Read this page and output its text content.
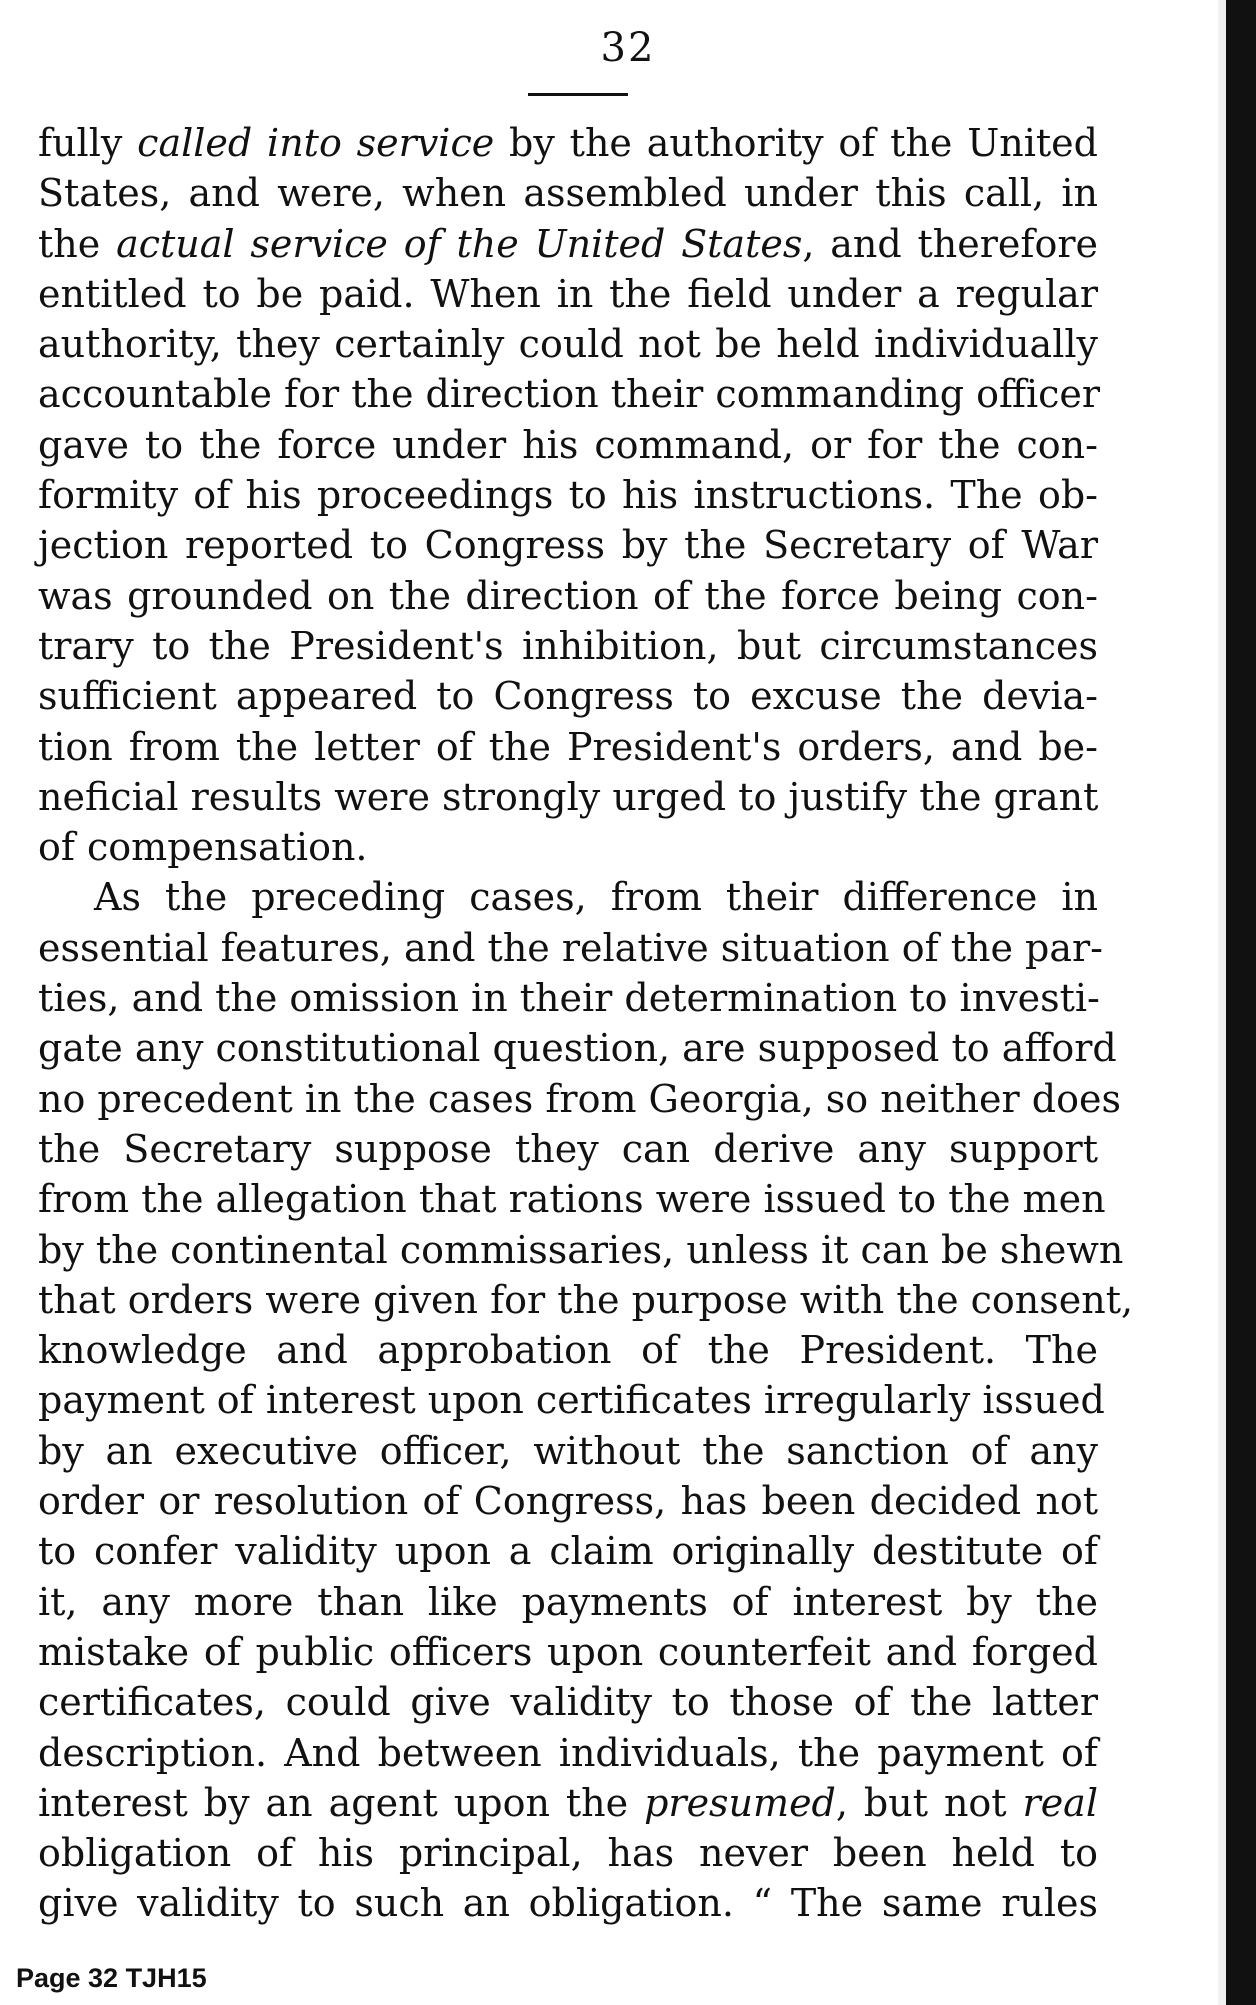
32
fully called into service by the authority of the United
States, and were, when assembled under this call, in
the actual service of the United States, and therefore
entitled to be paid. When in the field under a regular
authority, they certainly could not be held individually
accountable for the direction their commanding officer
gave to the force under his command, or for the con-
formity of his proceedings to his instructions. The ob-
jection reported to Congress by the Secretary of War
was grounded on the direction of the force being con-
trary to the President's inhibition, but circumstances
sufficient appeared to Congress to excuse the devia-
tion from the letter of the President's orders, and be-
neficial results were strongly urged to justify the grant
of compensation.
As the preceding cases, from their difference in
essential features, and the relative situation of the par-
ties, and the omission in their determination to investi-
gate any constitutional question, are supposed to afford
no precedent in the cases from Georgia, so neither does
the Secretary suppose they can derive any support
from the allegation that rations were issued to the men
by the continental commissaries, unless it can be shewn
that orders were given for the purpose with the consent,
knowledge and approbation of the President. The
payment of interest upon certificates irregularly issued
by an executive officer, without the sanction of any
order or resolution of Congress, has been decided not
to confer validity upon a claim originally destitute of
it, any more than like payments of interest by the
mistake of public officers upon counterfeit and forged
certificates, could give validity to those of the latter
description. And between individuals, the payment of
interest by an agent upon the presumed, but not real
obligation of his principal, has never been held to
give validity to such an obligation. “ The same rules
Page 32 TJH15
